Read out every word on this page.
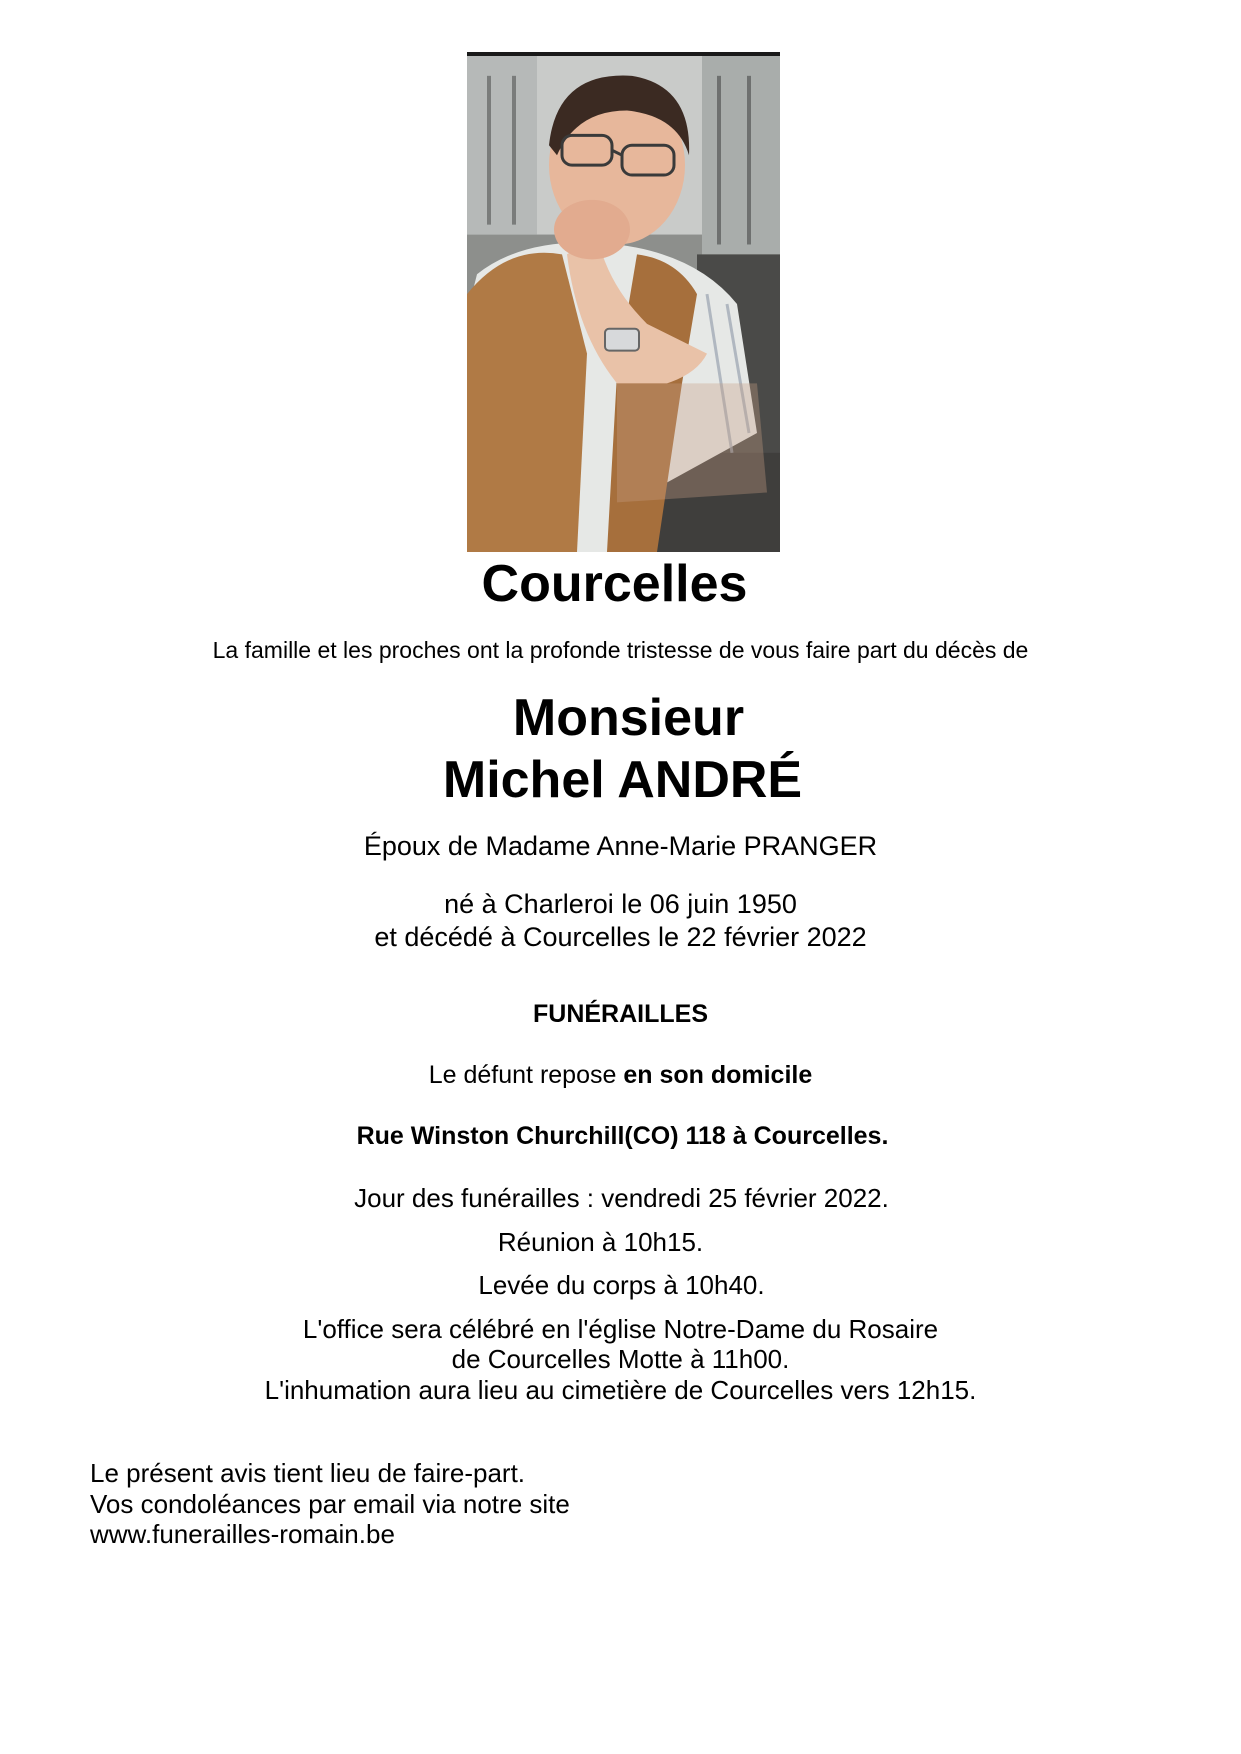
Courcelles
La famille et les proches ont la profonde tristesse de vous faire part du décès de
Monsieur
Michel ANDRÉ
Époux de Madame Anne-Marie PRANGER
né à Charleroi le 06 juin 1950
et décédé à Courcelles le 22 février 2022
FUNÉRAILLES
Le défunt repose en son domicile
Rue Winston Churchill(CO) 118 à Courcelles.
Jour des funérailles : vendredi 25 février 2022.
Réunion à 10h15.
Levée du corps à 10h40.
L'office sera célébré en l'église Notre-Dame du Rosaire
de Courcelles Motte à 11h00.
L'inhumation aura lieu au cimetière de Courcelles vers 12h15.
Le présent avis tient lieu de faire-part.
Vos condoléances par email via notre site
www.funerailles-romain.be
